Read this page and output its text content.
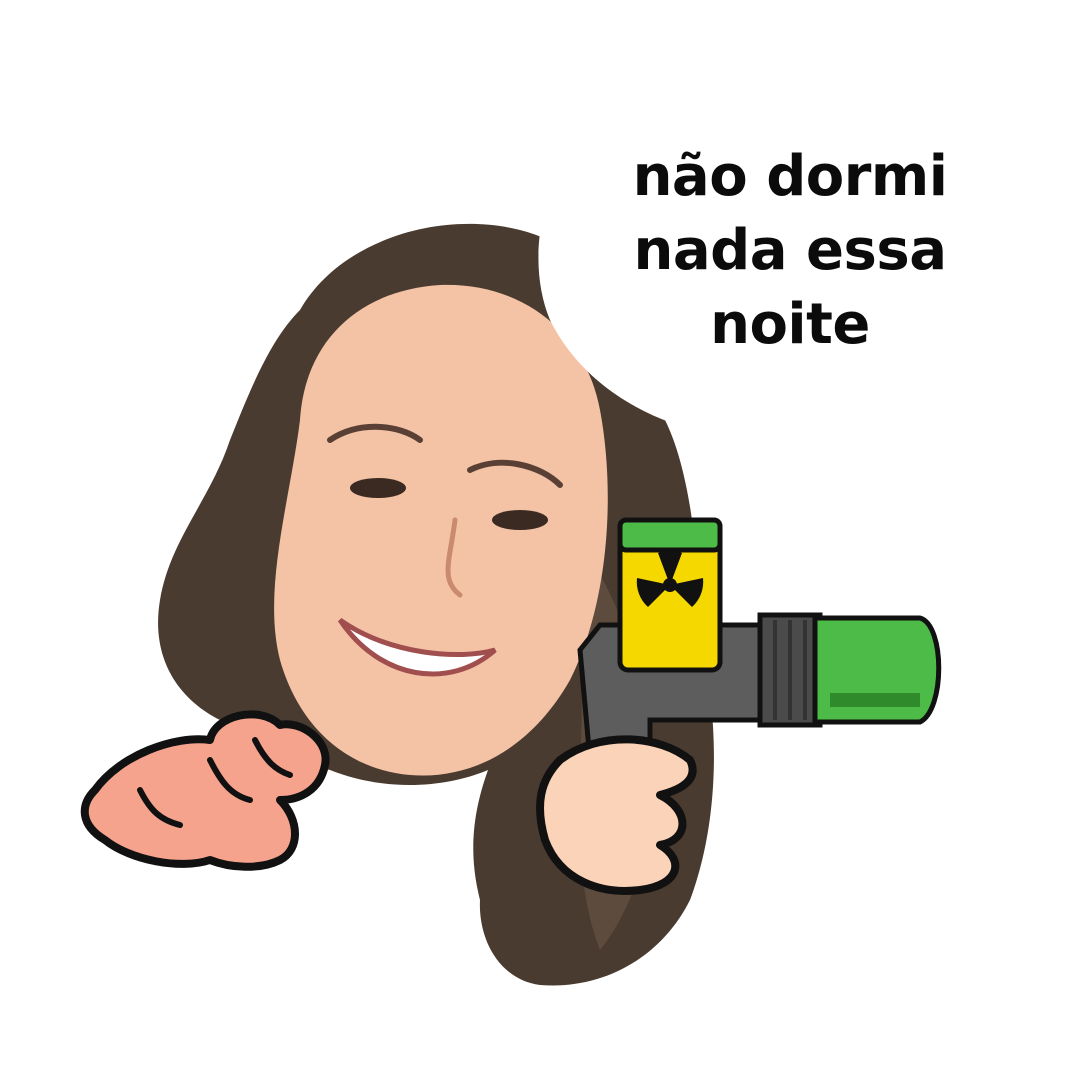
não dormi
nada essa
noite
